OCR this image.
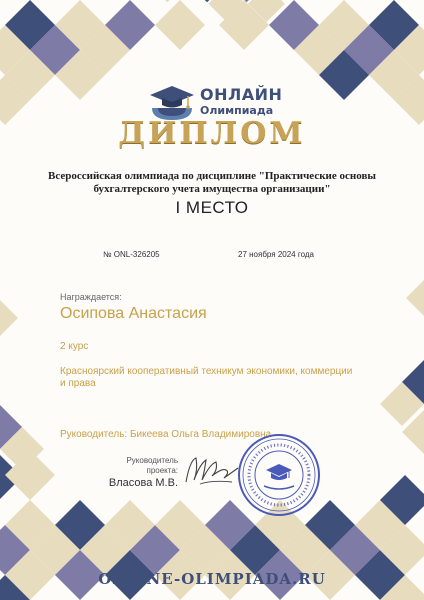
ОНЛАЙН
Олимпиада
ДИПЛОМ
Всероссийская олимпиада по дисциплине "Практические основы бухгалтерского учета имущества организации"
I МЕСТО
№ ONL-326205	27 ноября 2024 года
Награждается:
Осипова Анастасия
2 курс
Красноярский кооперативный техникум экономики, коммерции и права
Руководитель: Бикеева Ольга Владимировна
Руководитель проекта:
Власова М.В.
ONLINE-OLIMPIADA.RU
